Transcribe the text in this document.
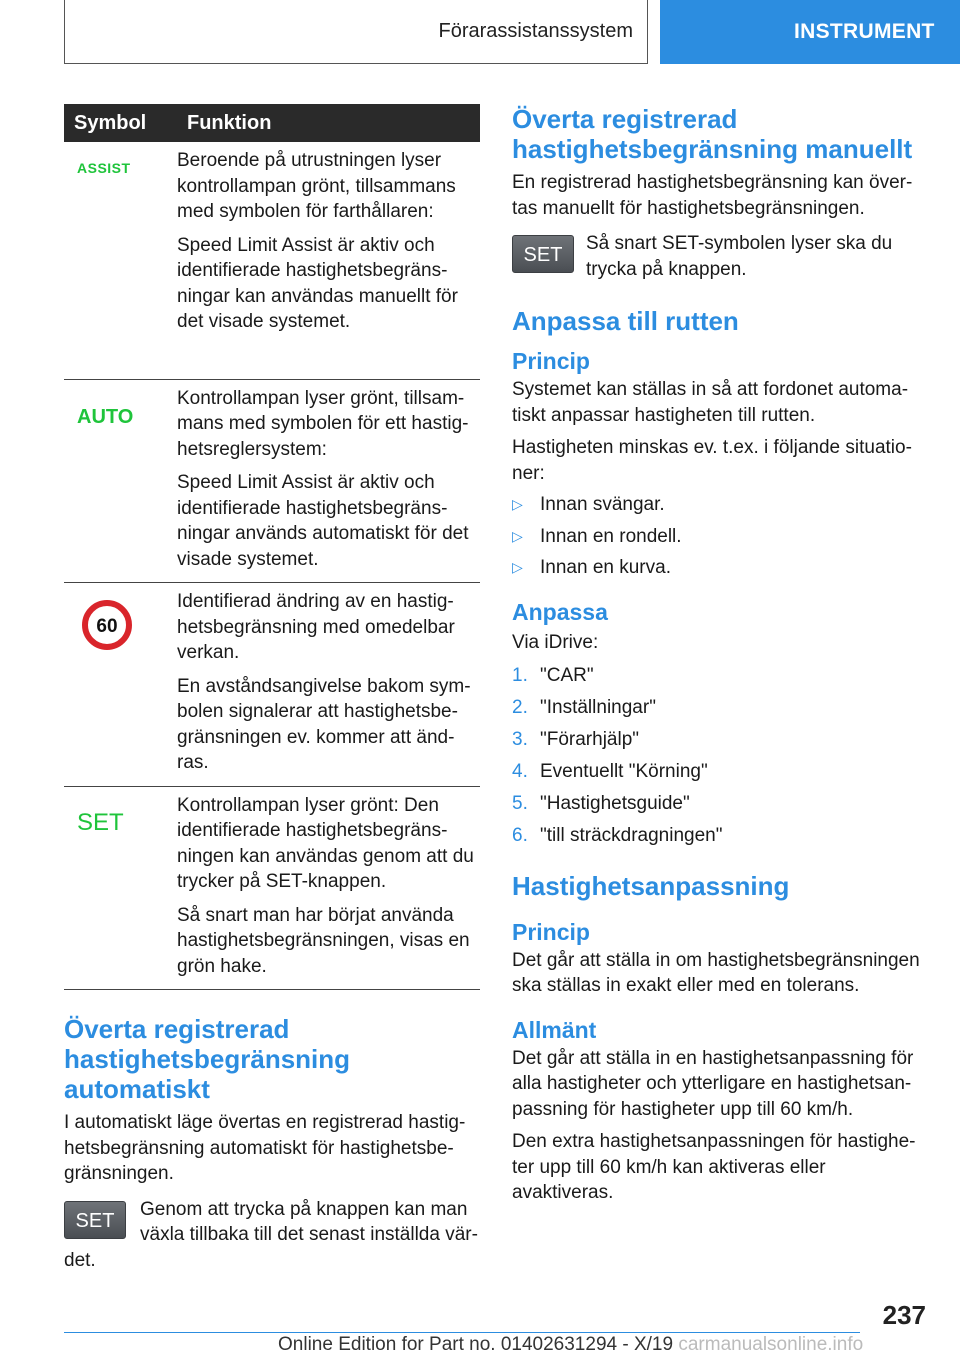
Förarassistanssystem	INSTRUMENT
Symbol	Funktion

ASSIST	Beroende på utrustningen lyser kontrollampan grönt, tillsammans med symbolen för farthållaren:

Speed Limit Assist är aktiv och identifierade hastighetsbegräns-ningar kan användas manuellt för det visade systemet.

AUTO	Kontrollampan lyser grönt, tillsam-mans med symbolen för ett hastig-hetsreglersystem:

Speed Limit Assist är aktiv och identifierade hastighetsbegräns-ningar används automatiskt för det visade systemet.

60	Identifierad ändring av en hastig-hetsbegränsning med omedelbar verkan.

En avståndsangivelse bakom sym-bolen signalerar att hastighetsbe-gränsningen ev. kommer att änd-ras.

SET	Kontrollampan lyser grönt: Den identifierade hastighetsbegräns-ningen kan användas genom att du trycker på SET-knappen.

Så snart man har börjat använda hastighetsbegränsningen, visas en grön hake.

Överta registrerad hastighetsbegränsning automatiskt

I automatiskt läge övertas en registrerad hastig-hetsbegränsning automatiskt för hastighetsbe-gränsningen.

SET

Genom att trycka på knappen kan man växla tillbaka till det senast inställda vär-det.

Överta registrerad hastighetsbegränsning manuellt

En registrerad hastighetsbegränsning kan över-tas manuellt för hastighetsbegränsningen.

SET

Så snart SET-symbolen lyser ska du trycka på knappen.

Anpassa till rutten
Princip

Systemet kan ställas in så att fordonet automa-tiskt anpassar hastigheten till rutten.

Hastigheten minskas ev. t.ex. i följande situatio-ner:

▷ Innan svängar.
▷ Innan en rondell.
▷ Innan en kurva.
Anpassa

Via iDrive:

1. "CAR"
2. "Inställningar"
3. "Förarhjälp"
4. Eventuellt "Körning"
5. "Hastighetsguide"
6. "till sträckdragningen"
Hastighetsanpassning
Princip

Det går att ställa in om hastighetsbegränsningen ska ställas in exakt eller med en tolerans.

Allmänt

Det går att ställa in en hastighetsanpassning för alla hastigheter och ytterligare en hastighetsan-passning för hastigheter upp till 60 km/h.

Den extra hastighetsanpassningen för hastighe-ter upp till 60 km/h kan aktiveras eller avaktiveras.

237
Online Edition for Part no. 01402631294 - X/19 carmanualsonline.info
